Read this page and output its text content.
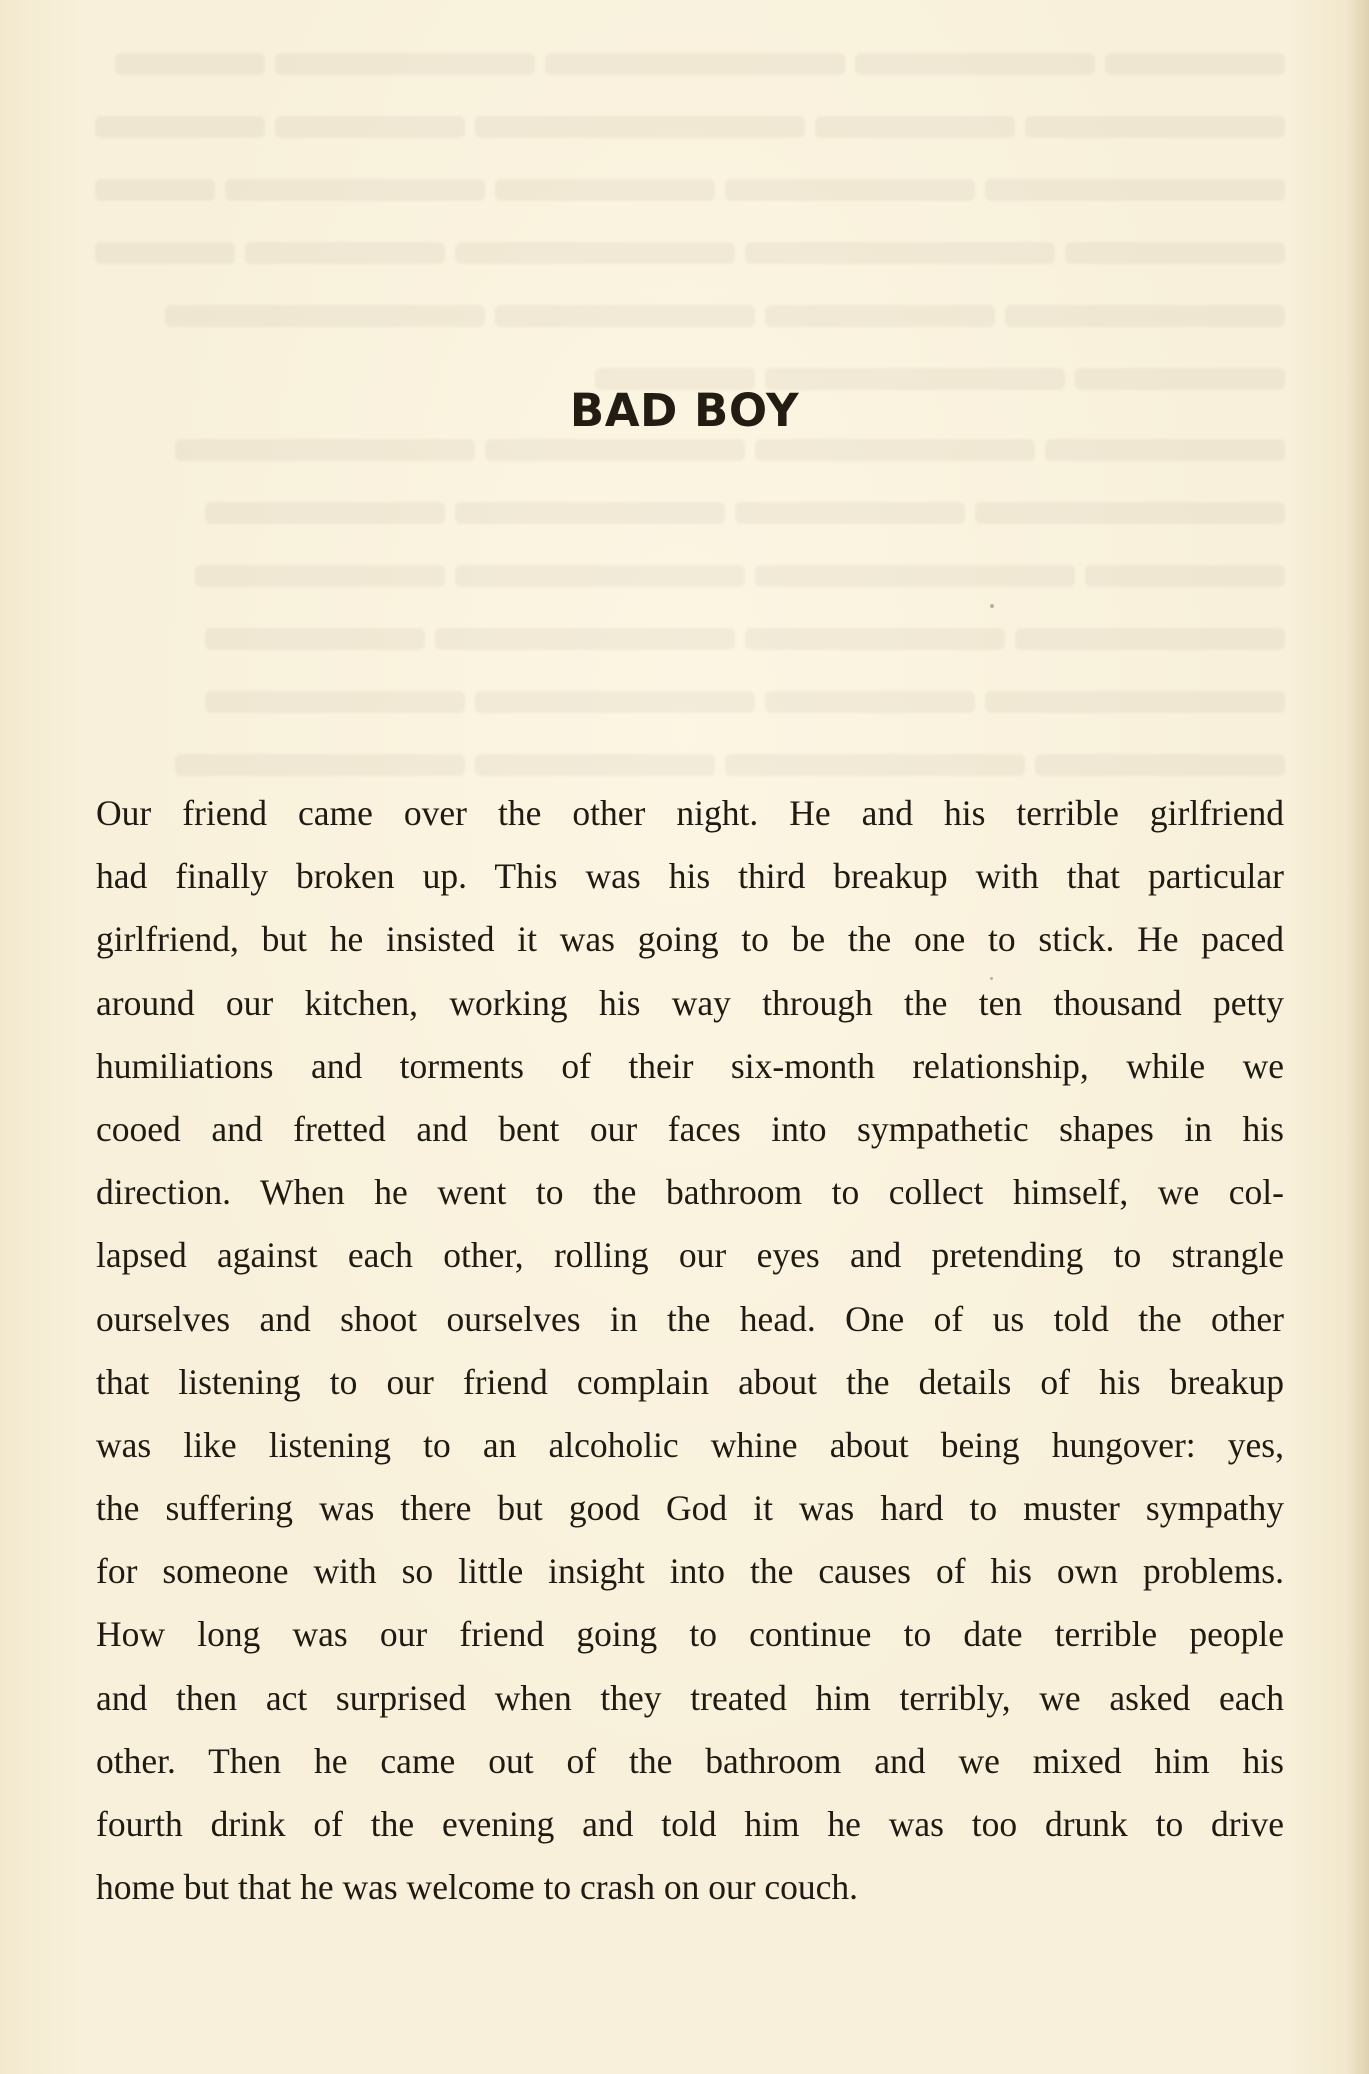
BAD BOY
Our friend came over the other night. He and his terrible girlfriend
had finally broken up. This was his third breakup with that particular
girlfriend, but he insisted it was going to be the one to stick. He paced
around our kitchen, working his way through the ten thousand petty
humiliations and torments of their six-month relationship, while we
cooed and fretted and bent our faces into sympathetic shapes in his
direction. When he went to the bathroom to collect himself, we col-
lapsed against each other, rolling our eyes and pretending to strangle
ourselves and shoot ourselves in the head. One of us told the other
that listening to our friend complain about the details of his breakup
was like listening to an alcoholic whine about being hungover: yes,
the suffering was there but good God it was hard to muster sympathy
for someone with so little insight into the causes of his own problems.
How long was our friend going to continue to date terrible people
and then act surprised when they treated him terribly, we asked each
other. Then he came out of the bathroom and we mixed him his
fourth drink of the evening and told him he was too drunk to drive
home but that he was welcome to crash on our couch.
